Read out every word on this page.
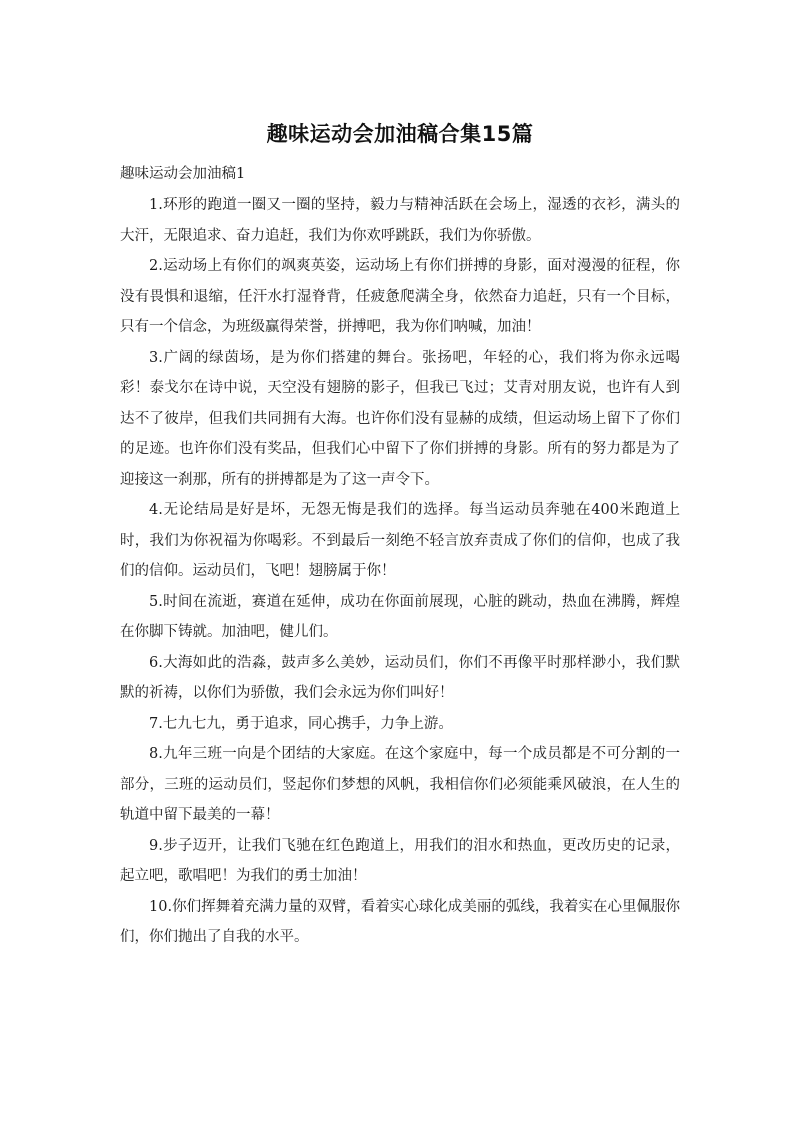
趣味运动会加油稿合集15篇

趣味运动会加油稿1

1.环形的跑道一圈又一圈的坚持，毅力与精神活跃在会场上，湿透的衣衫，满头的大汗，无限追求、奋力追赶，我们为你欢呼跳跃，我们为你骄傲。

2.运动场上有你们的飒爽英姿，运动场上有你们拼搏的身影，面对漫漫的征程，你没有畏惧和退缩，任汗水打湿脊背，任疲惫爬满全身，依然奋力追赶，只有一个目标，只有一个信念，为班级赢得荣誉，拼搏吧，我为你们呐喊，加油！

3.广阔的绿茵场，是为你们搭建的舞台。张扬吧，年轻的心，我们将为你永远喝彩！泰戈尔在诗中说，天空没有翅膀的影子，但我已飞过；艾青对朋友说，也许有人到达不了彼岸，但我们共同拥有大海。也许你们没有显赫的成绩，但运动场上留下了你们的足迹。也许你们没有奖品，但我们心中留下了你们拼搏的身影。所有的努力都是为了迎接这一刹那，所有的拼搏都是为了这一声令下。

4.无论结局是好是坏，无怨无悔是我们的选择。每当运动员奔驰在400米跑道上时，我们为你祝福为你喝彩。不到最后一刻绝不轻言放弃责成了你们的信仰，也成了我们的信仰。运动员们，飞吧！翅膀属于你！

5.时间在流逝，赛道在延伸，成功在你面前展现，心脏的跳动，热血在沸腾，辉煌在你脚下铸就。加油吧，健儿们。

6.大海如此的浩淼，鼓声多么美妙，运动员们，你们不再像平时那样渺小，我们默默的祈祷，以你们为骄傲，我们会永远为你们叫好！

7.七九七九，勇于追求，同心携手，力争上游。

8.九年三班一向是个团结的大家庭。在这个家庭中，每一个成员都是不可分割的一部分，三班的运动员们，竖起你们梦想的风帆，我相信你们必须能乘风破浪，在人生的轨道中留下最美的一幕！

9.步子迈开，让我们飞驰在红色跑道上，用我们的泪水和热血，更改历史的记录，起立吧，歌唱吧！为我们的勇士加油！

10.你们挥舞着充满力量的双臂，看着实心球化成美丽的弧线，我着实在心里佩服你们，你们抛出了自我的水平。
